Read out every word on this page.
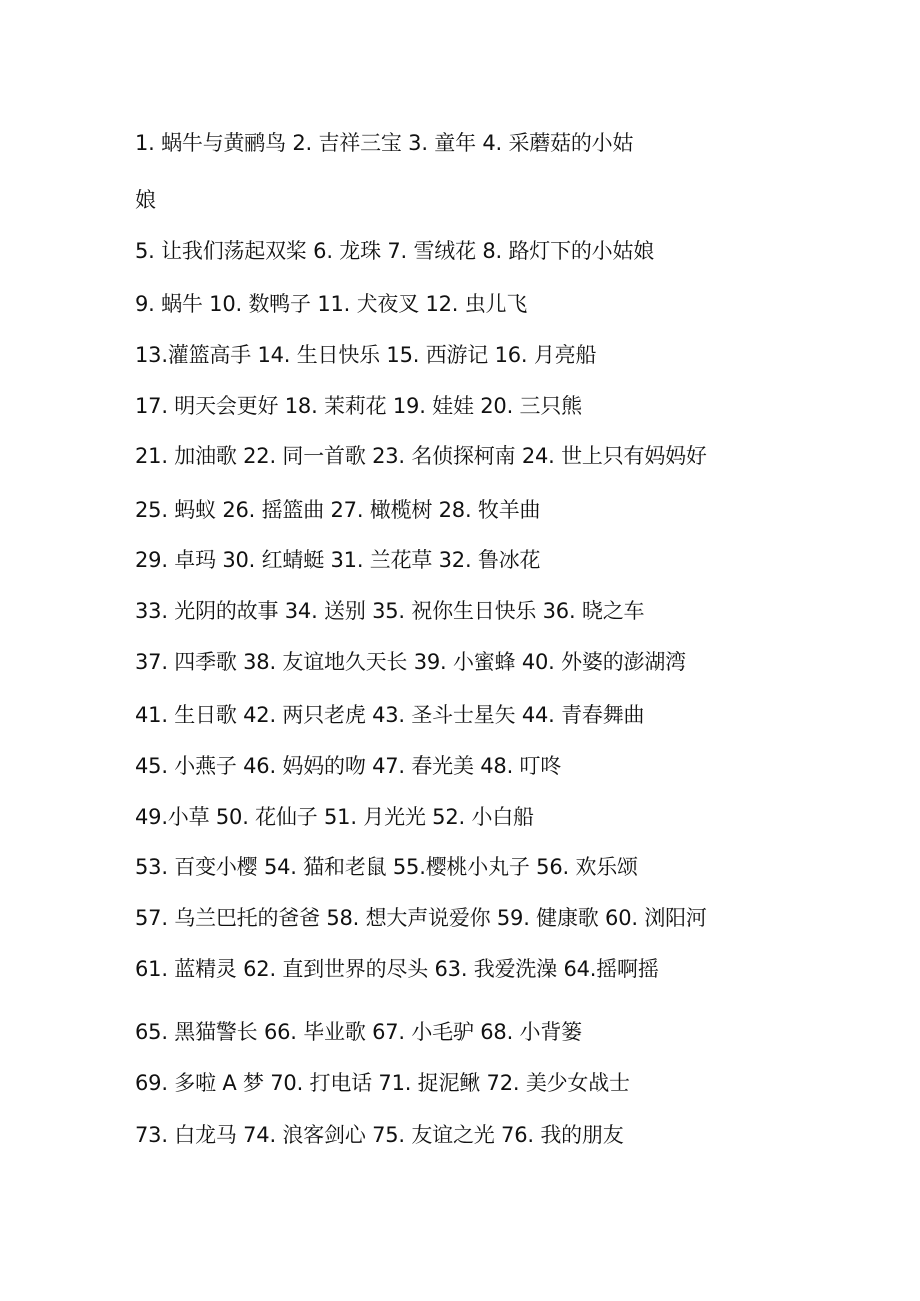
1. 蜗牛与黄鹂鸟 2. 吉祥三宝 3. 童年 4. 采蘑菇的小姑
娘
5. 让我们荡起双桨 6. 龙珠 7. 雪绒花 8. 路灯下的小姑娘
9. 蜗牛 10. 数鸭子 11. 犬夜叉 12. 虫儿飞
13.灌篮高手 14. 生日快乐 15. 西游记 16. 月亮船
17. 明天会更好 18. 茉莉花 19. 娃娃 20. 三只熊
21. 加油歌 22. 同一首歌 23. 名侦探柯南 24. 世上只有妈妈好
25. 蚂蚁 26. 摇篮曲 27. 橄榄树 28. 牧羊曲
29. 卓玛 30. 红蜻蜓 31. 兰花草 32. 鲁冰花
33. 光阴的故事 34. 送别 35. 祝你生日快乐 36. 晓之车
37. 四季歌 38. 友谊地久天长 39. 小蜜蜂 40. 外婆的澎湖湾
41. 生日歌 42. 两只老虎 43. 圣斗士星矢 44. 青春舞曲
45. 小燕子 46. 妈妈的吻 47. 春光美 48. 叮咚
49.小草 50. 花仙子 51. 月光光 52. 小白船
53. 百变小樱 54. 猫和老鼠 55.樱桃小丸子 56. 欢乐颂
57. 乌兰巴托的爸爸 58. 想大声说爱你 59. 健康歌 60. 浏阳河
61. 蓝精灵 62. 直到世界的尽头 63. 我爱洗澡 64.摇啊摇
65. 黑猫警长 66. 毕业歌 67. 小毛驴 68. 小背篓
69. 多啦 A 梦 70. 打电话 71. 捉泥鳅 72. 美少女战士
73. 白龙马 74. 浪客剑心 75. 友谊之光 76. 我的朋友
